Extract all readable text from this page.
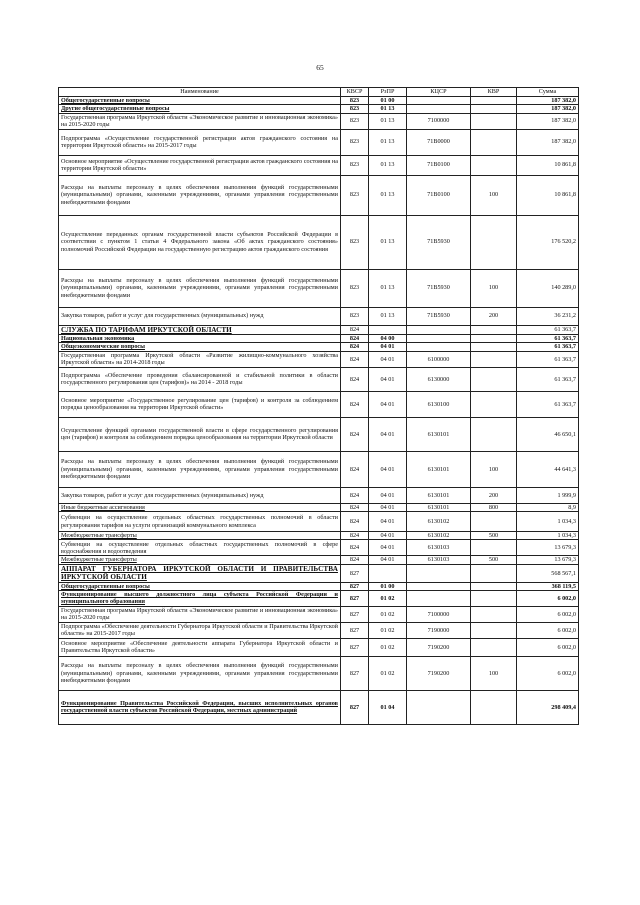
65
Наименование	КВСР	РзПР	КЦСР	КВР	Сумма
Общегосударственные вопросы	823	01 00			187 382,0
Другие общегосударственные вопросы	823	01 13			187 382,0
Государственная программа Иркутской области «Экономическое развитие и инновационная экономика» на 2015-2020 годы	823	01 13	7100000		187 382,0
Подпрограмма «Осуществление государственной регистрации актов гражданского состояния на территории Иркутской области» на 2015-2017 годы	823	01 13	71В0000		187 382,0
Основное мероприятие «Осуществление государственной регистрации актов гражданского состояния на территории Иркутской области»	823	01 13	71В0100		10 861,8
Расходы на выплаты персоналу в целях обеспечения выполнения функций государственными (муниципальными) органами, казенными учреждениями, органами управления государственными внебюджетными фондами	823	01 13	71В0100	100	10 861,8
Осуществление переданных органам государственной власти субъектов Российской Федерации в соответствии с пунктом 1 статьи 4 Федерального закона «Об актах гражданского состояния» полномочий Российской Федерации на государственную регистрацию актов гражданского состояния	823	01 13	71В5930		176 520,2
Расходы на выплаты персоналу в целях обеспечения выполнения функций государственными (муниципальными) органами, казенными учреждениями, органами управления государственными внебюджетными фондами	823	01 13	71В5930	100	140 289,0
Закупка товаров, работ и услуг для государственных (муниципальных) нужд	823	01 13	71В5930	200	36 231,2
СЛУЖБА ПО ТАРИФАМ ИРКУТСКОЙ ОБЛАСТИ	824				61 363,7
Национальная экономика	824	04 00			61 363,7
Общеэкономические вопросы	824	04 01			61 363,7
Государственная программа Иркутской области «Развитие жилищно-коммунального хозяйства Иркутской области» на 2014-2018 годы	824	04 01	6100000		61 363,7
Подпрограмма «Обеспечение проведения сбалансированной и стабильной политики в области государственного регулирования цен (тарифов)» на 2014 - 2018 годы	824	04 01	6130000		61 363,7
Основное мероприятие «Государственное регулирование цен (тарифов) и контроля за соблюдением порядка ценообразования на территории Иркутской области»	824	04 01	6130100		61 363,7
Осуществление функций органами государственной власти в сфере государственного регулирования цен (тарифов) и контроля за соблюдением порядка ценообразования на территории Иркутской области	824	04 01	6130101		46 650,1
Расходы на выплаты персоналу в целях обеспечения выполнения функций государственными (муниципальными) органами, казенными учреждениями, органами управления государственными внебюджетными фондами	824	04 01	6130101	100	44 641,3
Закупка товаров, работ и услуг для государственных (муниципальных) нужд	824	04 01	6130101	200	1 999,9
Иные бюджетные ассигнования	824	04 01	6130101	800	8,9
Субвенции на осуществление отдельных областных государственных полномочий в области регулирования тарифов на услуги организаций коммунального комплекса	824	04 01	6130102		1 034,3
Межбюджетные трансферты	824	04 01	6130102	500	1 034,3
Субвенции на осуществление отдельных областных государственных полномочий в сфере водоснабжения и водоотведения	824	04 01	6130103		13 679,3
Межбюджетные трансферты	824	04 01	6130103	500	13 679,3
АППАРАТ ГУБЕРНАТОРА ИРКУТСКОЙ ОБЛАСТИ И ПРАВИТЕЛЬСТВА ИРКУТСКОЙ ОБЛАСТИ	827				568 567,1
Общегосударственные вопросы	827	01 00			368 119,5
Функционирование высшего должностного лица субъекта Российской Федерации и муниципального образования	827	01 02			6 002,0
Государственная программа Иркутской области «Экономическое развитие и инновационная экономика» на 2015-2020 годы	827	01 02	7100000		6 002,0
Подпрограмма «Обеспечение деятельности Губернатора Иркутской области и Правительства Иркутской области» на 2015-2017 годы	827	01 02	7190000		6 002,0
Основное мероприятие «Обеспечение деятельности аппарата Губернатора Иркутской области и Правительства Иркутской области»	827	01 02	7190200		6 002,0
Расходы на выплаты персоналу в целях обеспечения выполнения функций государственными (муниципальными) органами, казенными учреждениями, органами управления государственными внебюджетными фондами	827	01 02	7190200	100	6 002,0
Функционирование Правительства Российской Федерации, высших исполнительных органов государственной власти субъектов Российской Федерации, местных администраций	827	01 04			298 409,4
